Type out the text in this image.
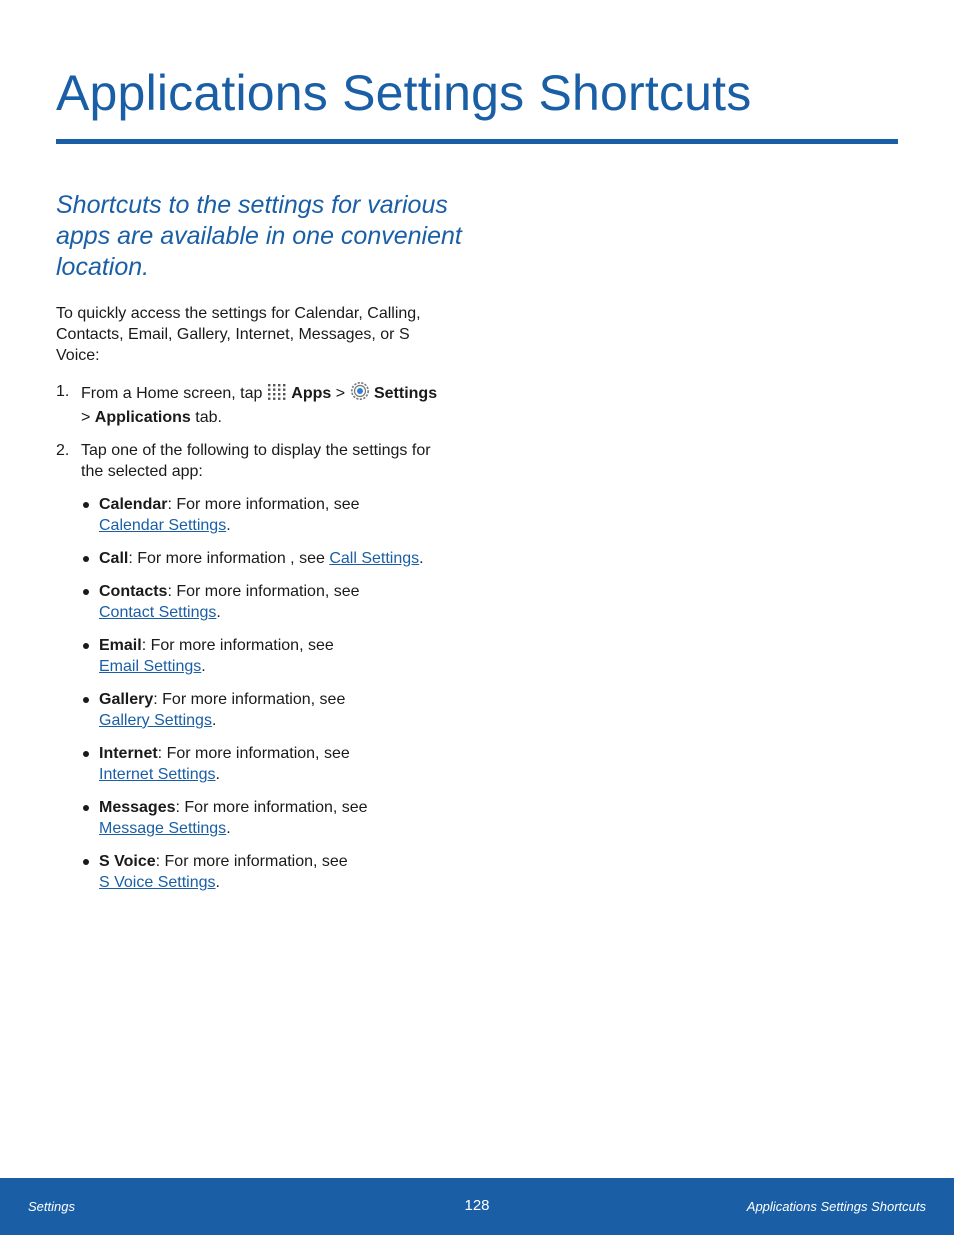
Applications Settings Shortcuts
Shortcuts to the settings for various apps are available in one convenient location.

To quickly access the settings for Calendar, Calling, Contacts, Email, Gallery, Internet, Messages, or S Voice:

1. From a Home screen, tap  Apps >  Settings
> Applications tab.
2. Tap one of the following to display the settings for the selected app:
Calendar: For more information, see
Calendar Settings.
Call: For more information , see Call Settings.
Contacts: For more information, see
Contact Settings.
Email: For more information, see
Email Settings.
Gallery: For more information, see
Gallery Settings.
Internet: For more information, see
Internet Settings.
Messages: For more information, see
Message Settings.
S Voice: For more information, see
S Voice Settings.
Settings	128	Applications Settings Shortcuts
